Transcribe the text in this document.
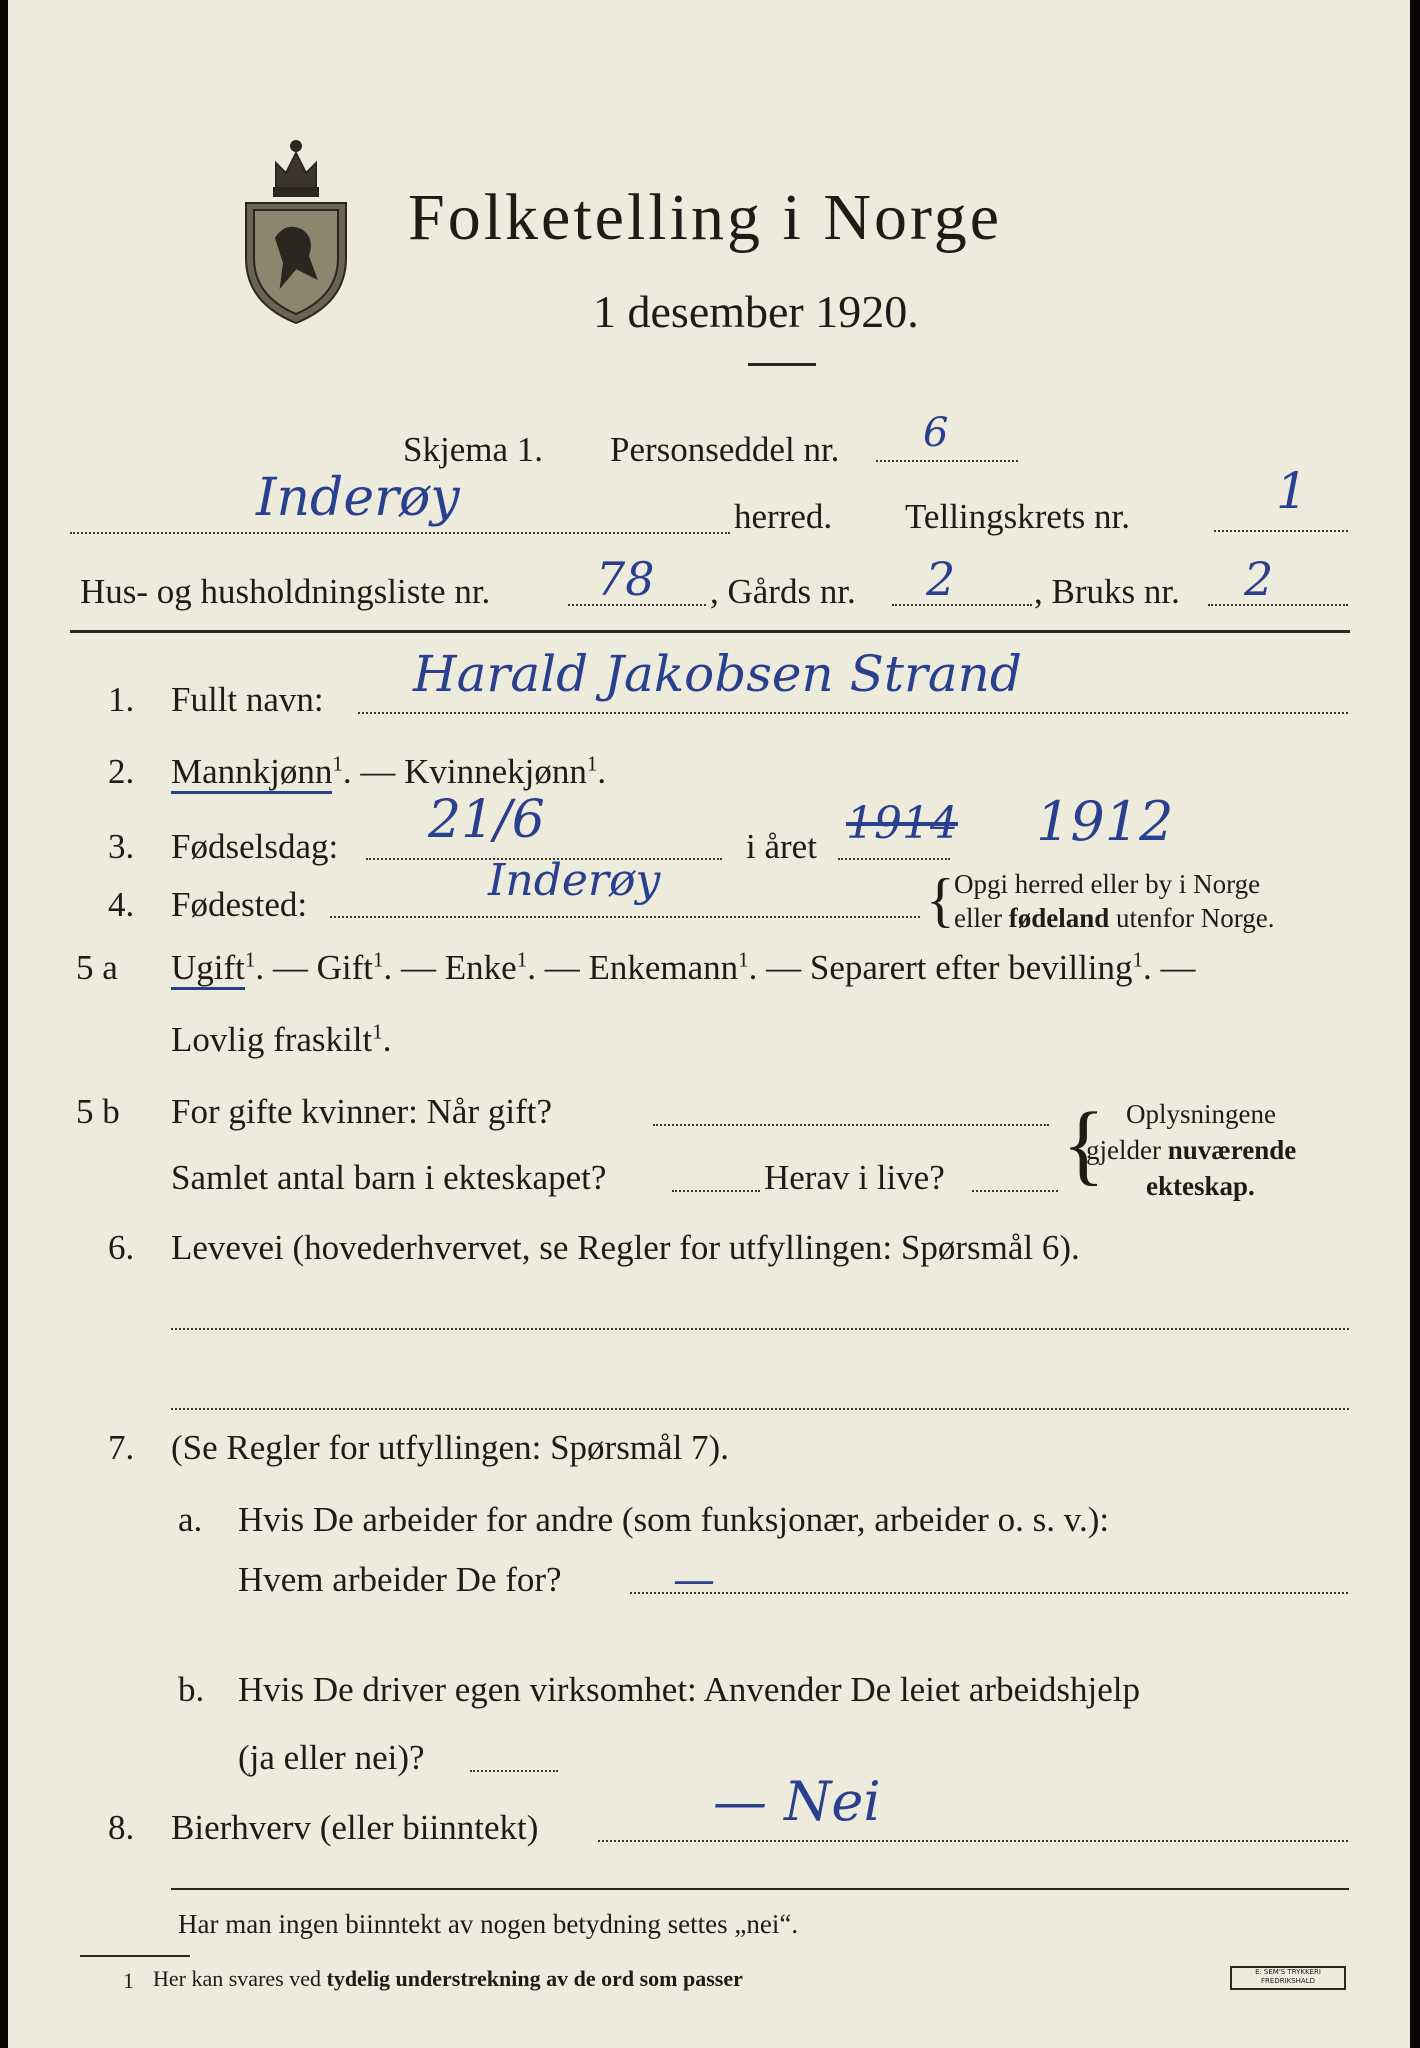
Folketelling i Norge
1 desember 1920.
Skjema 1. Personseddel nr. 6
Inderøy	herred. Tellingskrets nr.	1
Hus- og husholdningsliste nr. 78 , Gårds nr. 2 , Bruks nr. 2
1. Fullt navn: Harald Jakobsen Strand
2. Mannkjønn$^1$. — Kvinnekjønn$^1$.
3. Fødselsdag: 21/6	i året 1914 1912
4. Fødested:	Inderøy	{ Opgi herred eller by i Norge
eller fødeland utenfor Norge.
5 a Ugift$^1$. — Gift$^1$. — Enke$^1$. — Enkemann$^1$. — Separert efter bevilling$^1$. —
Lovlig fraskilt$^1$.
5 b For gifte kvinner: Når gift?
Samlet antal barn i ekteskapet?	Herav i live? { Oplysningene
gjelder nuværende
ekteskap.
6. Levevei (hovederhvervet, se Regler for utfyllingen: Spørsmål 6).
7. (Se Regler for utfyllingen: Spørsmål 7).
a. Hvis De arbeider for andre (som funksjonær, arbeider o. s. v.):
Hvem arbeider De for?	—
b. Hvis De driver egen virksomhet: Anvender De leiet arbeidshjelp
(ja eller nei)?
8. Bierhverv (eller biinntekt)	— Nei
Har man ingen biinntekt av nogen betydning settes „nei“.
1 Her kan svares ved tydelig understrekning av de ord som passer	E. SEM'S TRYKKERI FREDRIKSHALD
